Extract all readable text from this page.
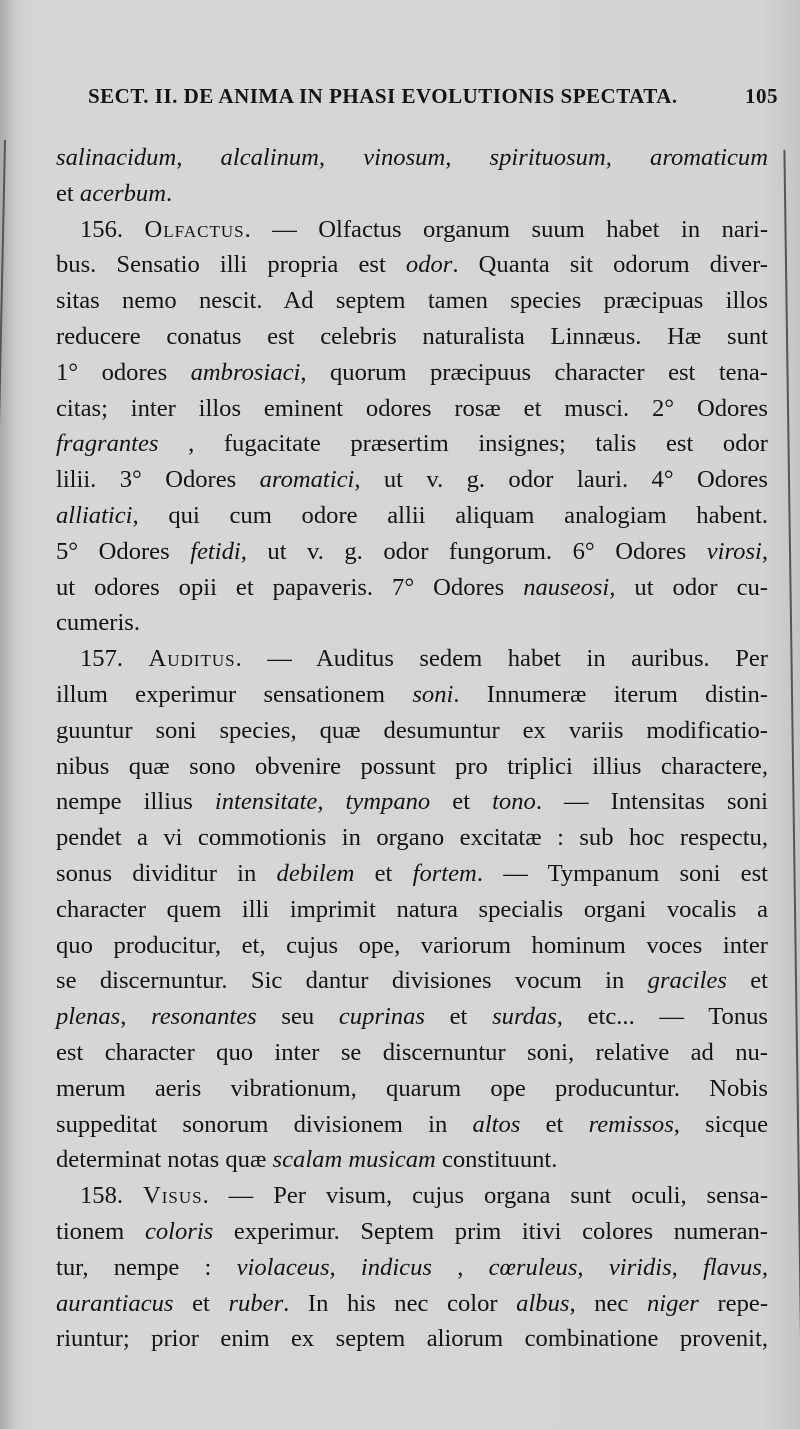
SECT. II. DE ANIMA IN PHASI EVOLUTIONIS SPECTATA.	105
salinacidum, alcalinum, vinosum, spirituosum, aromaticum
et acerbum.
156. Olfactus. — Olfactus organum suum habet in nari-
bus. Sensatio illi propria est odor. Quanta sit odorum diver-
sitas nemo nescit. Ad septem tamen species præcipuas illos
reducere conatus est celebris naturalista Linnæus. Hæ sunt
1° odores ambrosiaci, quorum præcipuus character est tena-
citas; inter illos eminent odores rosæ et musci. 2° Odores
fragrantes , fugacitate præsertim insignes; talis est odor
lilii. 3° Odores aromatici, ut v. g. odor lauri. 4° Odores
alliatici, qui cum odore allii aliquam analogiam habent.
5° Odores fetidi, ut v. g. odor fungorum. 6° Odores virosi,
ut odores opii et papaveris. 7° Odores nauseosi, ut odor cu-
cumeris.
157. Auditus. — Auditus sedem habet in auribus. Per
illum experimur sensationem soni. Innumeræ iterum distin-
guuntur soni species, quæ desumuntur ex variis modificatio-
nibus quæ sono obvenire possunt pro triplici illius charactere,
nempe illius intensitate, tympano et tono. — Intensitas soni
pendet a vi commotionis in organo excitatæ : sub hoc respectu,
sonus dividitur in debilem et fortem. — Tympanum soni est
character quem illi imprimit natura specialis organi vocalis a
quo producitur, et, cujus ope, variorum hominum voces inter
se discernuntur. Sic dantur divisiones vocum in graciles et
plenas, resonantes seu cuprinas et surdas, etc... — Tonus
est character quo inter se discernuntur soni, relative ad nu-
merum aeris vibrationum, quarum ope producuntur. Nobis
suppeditat sonorum divisionem in altos et remissos, sicque
determinat notas quæ scalam musicam constituunt.
158. Visus. — Per visum, cujus organa sunt oculi, sensa-
tionem coloris experimur. Septem prim itivi colores numeran-
tur, nempe : violaceus, indicus , cœruleus, viridis, flavus,
aurantiacus et ruber. In his nec color albus, nec niger repe-
riuntur; prior enim ex septem aliorum combinatione provenit,
